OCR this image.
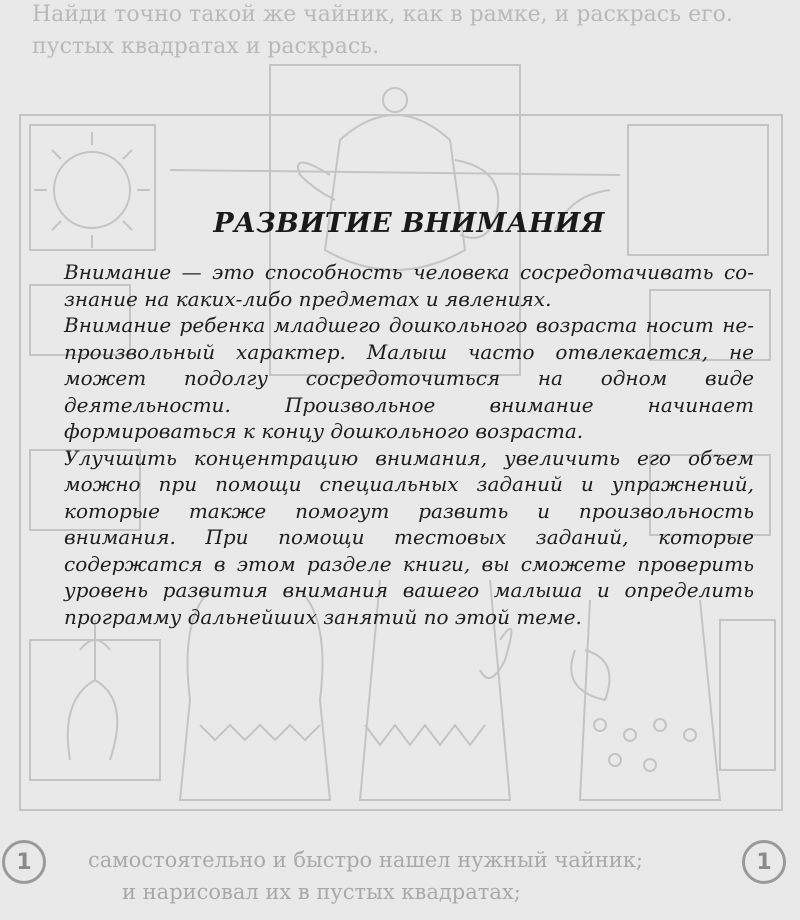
Найди точно такой же чайник, как в рамке, и раскрась его.
пустых квадратах и раскрась.
РАЗВИТИЕ ВНИМАНИЯ

Внимание — это способность человека сосредотачивать сознание на каких-либо предметах и явлениях.

Внимание ребенка младшего дошкольного возраста носит непроизвольный характер. Малыш часто отвлекается, не может подолгу сосредоточиться на одном виде деятельности. Произвольное внимание начинает формироваться к концу дошкольного возраста.

Улучшить концентрацию внимания, увеличить его объем можно при помощи специальных заданий и упражнений, которые также помогут развить и произвольность внимания. При помощи тестовых заданий, которые содержатся в этом разделе книги, вы сможете проверить уровень развития внимания вашего малыша и определить программу дальнейших занятий по этой теме.

1	1
самостоятельно и быстро нашел нужный чайник;
и нарисовал их в пустых квадратах;
